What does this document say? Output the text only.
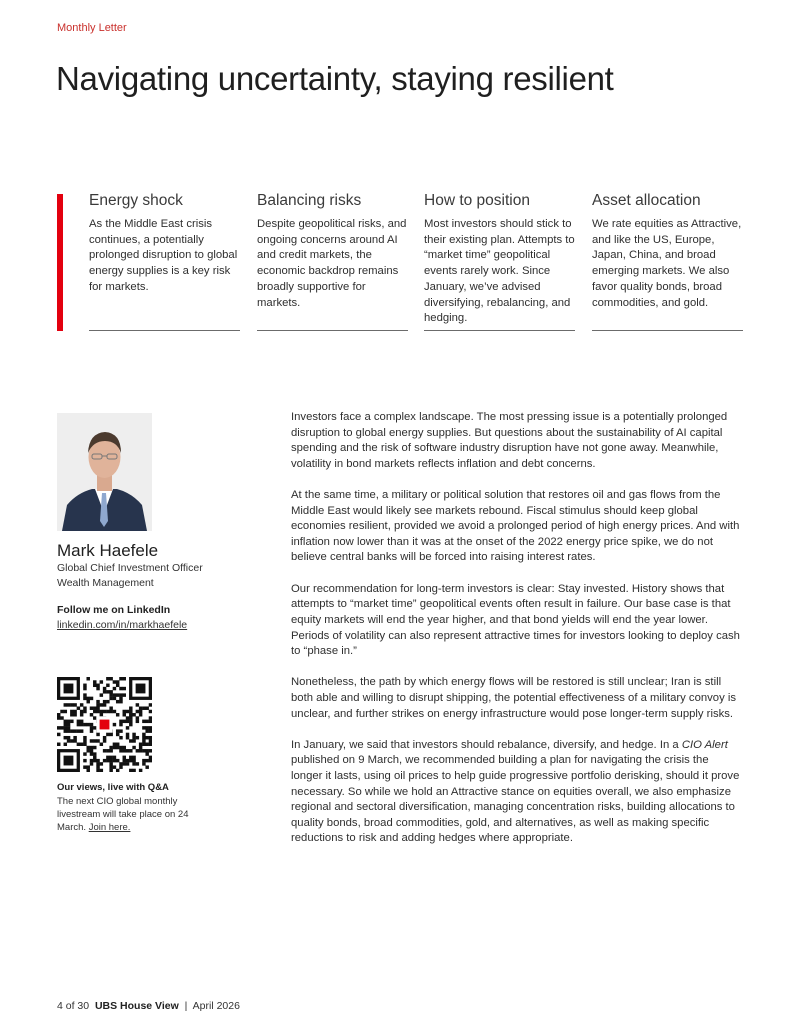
Monthly Letter
Navigating uncertainty, staying resilient
Energy shock
As the Middle East crisis continues, a potentially prolonged disruption to global energy supplies is a key risk for markets.
Balancing risks
Despite geopolitical risks, and ongoing concerns around AI and credit markets, the economic backdrop remains broadly supportive for markets.
How to position
Most investors should stick to their existing plan. Attempts to “market time” geopolitical events rarely work. Since January, we’ve advised diversifying, rebalancing, and hedging.
Asset allocation
We rate equities as Attractive, and like the US, Europe, Japan, China, and broad emerging markets. We also favor quality bonds, broad commodities, and gold.
Mark Haefele
Global Chief Investment Officer
Wealth Management
Follow me on LinkedIn
linkedin.com/in/markhaefele
Our views, live with Q&A
The next CIO global monthly livestream will take place on 24 March. Join here.

Investors face a complex landscape. The most pressing issue is a potentially prolonged disruption to global energy supplies. But questions about the sustainability of AI capital spending and the risk of software industry disruption have not gone away. Meanwhile, volatility in bond markets reflects inflation and debt concerns.

At the same time, a military or political solution that restores oil and gas flows from the Middle East would likely see markets rebound. Fiscal stimulus should keep global economies resilient, provided we avoid a prolonged period of high energy prices. And with inflation now lower than it was at the onset of the 2022 energy price spike, we do not believe central banks will be forced into raising interest rates.

Our recommendation for long-term investors is clear: Stay invested. History shows that attempts to “market time” geopolitical events often result in failure. Our base case is that equity markets will end the year higher, and that bond yields will end the year lower. Periods of volatility can also represent attractive times for investors looking to deploy cash to “phase in.”

Nonetheless, the path by which energy flows will be restored is still unclear; Iran is still both able and willing to disrupt shipping, the potential effectiveness of a military convoy is unclear, and further strikes on energy infrastructure would pose longer-term supply risks.

In January, we said that investors should rebalance, diversify, and hedge. In a CIO Alert published on 9 March, we recommended building a plan for navigating the crisis the longer it lasts, using oil prices to help guide progressive portfolio derisking, should it prove necessary. So while we hold an Attractive stance on equities overall, we also emphasize regional and sectoral diversification, managing concentration risks, building allocations to quality bonds, broad commodities, gold, and alternatives, as well as making specific reductions to risk and adding hedges where appropriate.

4 of 30 UBS House View | April 2026
